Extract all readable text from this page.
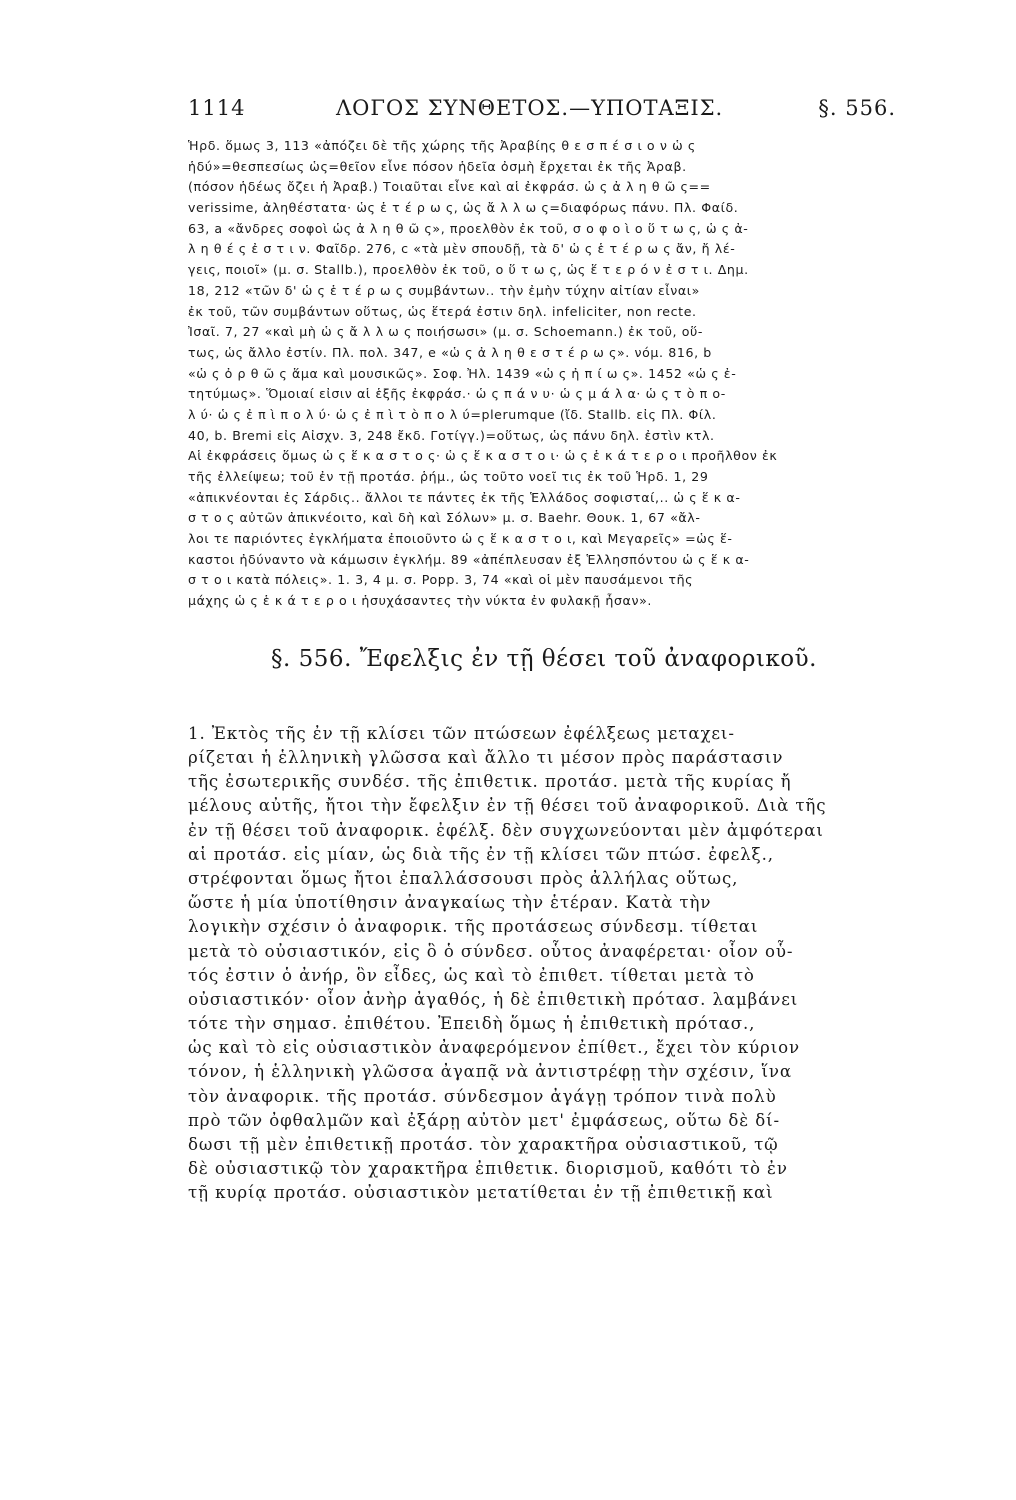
1114	ΛΟΓΟΣ ΣΥΝΘΕΤΟΣ.—ΥΠΟΤΑΞΙΣ.	§. 556.
Ἡρδ. ὅμως 3, 113 «ἀπόζει δὲ τῆς χώρης τῆς Ἀραβίης θ ε σ π έ σ ι ο ν ὡ ς
ἡδύ»=θεσπεσίως ὡς=θεῖον εἶνε πόσον ἡδεῖα ὀσμὴ ἔρχεται ἐκ τῆς Ἀραβ.
(πόσον ἡδέως ὄζει ἡ Ἀραβ.) Τοιαῦται εἶνε καὶ αἱ ἐκφράσ. ὡ ς ἀ λ η θ ῶ ς==
verissime, ἀληθέστατα· ὡς ἑ τ έ ρ ω ς, ὡς ἄ λ λ ω ς=διαφόρως πάνυ. Πλ. Φαίδ.
63, a «ἄνδρες σοφοὶ ὡς ἀ λ η θ ῶ ς», προελθὸν ἐκ τοῦ, σ ο φ ο ὶ ο ὕ τ ω ς, ὡ ς ἀ-
λ η θ έ ς ἐ σ τ ι ν. Φαῖδρ. 276, c «τὰ μὲν σπουδῇ, τὰ δ' ὡ ς ἑ τ έ ρ ω ς ἄν, ἤ λέ-
γεις, ποιοῖ» (μ. σ. Stallb.), προελθὸν ἐκ τοῦ, ο ὕ τ ω ς, ὡς ἕ τ ε ρ ό ν ἐ σ τ ι. Δημ.
18, 212 «τῶν δ' ὡ ς ἑ τ έ ρ ω ς συμβάντων.. τὴν ἐμὴν τύχην αἰτίαν εἶναι»
ἐκ τοῦ, τῶν συμβάντων οὕτως, ὡς ἕτερά ἐστιν δηλ. infeliciter, non recte.
Ἰσαῖ. 7, 27 «καὶ μὴ ὡ ς ἄ λ λ ω ς ποιήσωσι» (μ. σ. Schoemann.) ἐκ τοῦ, οὕ-
τως, ὡς ἄλλο ἐστίν. Πλ. πολ. 347, e «ὡ ς ἀ λ η θ ε σ τ έ ρ ω ς». νόμ. 816, b
«ὡ ς ὀ ρ θ ῶ ς ἅμα καὶ μουσικῶς». Σοφ. Ἠλ. 1439 «ὡ ς ἠ π ί ω ς». 1452 «ὡ ς ἐ-
τητύμως». Ὅμοιαί εἰσιν αἱ ἑξῆς ἐκφράσ.· ὡ ς π ά ν υ· ὡ ς μ ά λ α· ὡ ς τ ὸ π ο-
λ ύ· ὡ ς ἐ π ὶ π ο λ ύ· ὡ ς ἐ π ὶ τ ὸ π ο λ ύ=plerumque (ἴδ. Stallb. εἰς Πλ. Φίλ.
40, b. Bremi εἰς Αἰσχν. 3, 248 ἔκδ. Γοτίγγ.)=οὕτως, ὡς πάνυ δηλ. ἐστὶν κτλ.
Αἱ ἐκφράσεις ὅμως ὡ ς ἕ κ α σ τ ο ς· ὡ ς ἕ κ α σ τ ο ι· ὡ ς ἑ κ ά τ ε ρ ο ι προῆλθον ἐκ
τῆς ἐλλείψεω; τοῦ ἐν τῇ προτάσ. ῥήμ., ὡς τοῦτο νοεῖ τις ἐκ τοῦ Ἡρδ. 1, 29
«ἀπικνέονται ἐς Σάρδις.. ἄλλοι τε πάντες ἐκ τῆς Ἑλλάδος σοφισταί,.. ὡ ς ἕ κ α-
σ τ ο ς αὐτῶν ἀπικνέοιτο, καὶ δὴ καὶ Σόλων» μ. σ. Baehr. Θουκ. 1, 67 «ἄλ-
λοι τε παριόντες ἐγκλήματα ἐποιοῦντο ὡ ς ἕ κ α σ τ ο ι, καὶ Μεγαρεῖς» =ὡς ἕ-
καστοι ἠδύναντο νὰ κάμωσιν ἐγκλήμ. 89 «ἀπέπλευσαν ἐξ Ἑλλησπόντου ὡ ς ἕ κ α-
σ τ ο ι κατὰ πόλεις». 1. 3, 4 μ. σ. Popp. 3, 74 «καὶ οἱ μὲν παυσάμενοι τῆς
μάχης ὡ ς ἑ κ ά τ ε ρ ο ι ἡσυχάσαντες τὴν νύκτα ἐν φυλακῇ ἦσαν».
§. 556. Ἔφελξις ἐν τῇ θέσει τοῦ ἀναφορικοῦ.
1. Ἐκτὸς τῆς ἐν τῇ κλίσει τῶν πτώσεων ἐφέλξεως μεταχει-
ρίζεται ἡ ἑλληνικὴ γλῶσσα καὶ ἄλλο τι μέσον πρὸς παράστασιν
τῆς ἐσωτερικῆς συνδέσ. τῆς ἐπιθετικ. προτάσ. μετὰ τῆς κυρίας ἤ
μέλους αὐτῆς, ἤτοι τὴν ἔφελξιν ἐν τῇ θέσει τοῦ ἀναφορικοῦ. Διὰ τῆς
ἐν τῇ θέσει τοῦ ἀναφορικ. ἐφέλξ. δὲν συγχωνεύονται μὲν ἀμφότεραι
αἱ προτάσ. εἰς μίαν, ὡς διὰ τῆς ἐν τῇ κλίσει τῶν πτώσ. ἐφελξ.,
στρέφονται ὅμως ἤτοι ἐπαλλάσσουσι πρὸς ἀλλήλας οὕτως,
ὥστε ἡ μία ὑποτίθησιν ἀναγκαίως τὴν ἑτέραν. Κατὰ τὴν
λογικὴν σχέσιν ὁ ἀναφορικ. τῆς προτάσεως σύνδεσμ. τίθεται
μετὰ τὸ οὐσιαστικόν, εἰς ὃ ὁ σύνδεσ. οὗτος ἀναφέρεται· οἷον οὗ-
τός ἐστιν ὁ ἀνήρ, ὃν εἶδες, ὡς καὶ τὸ ἐπιθετ. τίθεται μετὰ τὸ
οὐσιαστικόν· οἷον ἀνὴρ ἀγαθός, ἡ δὲ ἐπιθετικὴ πρότασ. λαμβάνει
τότε τὴν σημασ. ἐπιθέτου. Ἐπειδὴ ὅμως ἡ ἐπιθετικὴ πρότασ.,
ὡς καὶ τὸ εἰς οὐσιαστικὸν ἀναφερόμενον ἐπίθετ., ἔχει τὸν κύριον
τόνον, ἡ ἑλληνικὴ γλῶσσα ἀγαπᾷ νὰ ἀντιστρέφῃ τὴν σχέσιν, ἵνα
τὸν ἀναφορικ. τῆς προτάσ. σύνδεσμον ἀγάγῃ τρόπον τινὰ πολὺ
πρὸ τῶν ὀφθαλμῶν καὶ ἐξάρῃ αὐτὸν μετ' ἐμφάσεως, οὕτω δὲ δί-
δωσι τῇ μὲν ἐπιθετικῇ προτάσ. τὸν χαρακτῆρα οὐσιαστικοῦ, τῷ
δὲ οὐσιαστικῷ τὸν χαρακτῆρα ἐπιθετικ. διορισμοῦ, καθότι τὸ ἐν
τῇ κυρίᾳ προτάσ. οὐσιαστικὸν μετατίθεται ἐν τῇ ἐπιθετικῇ καὶ
